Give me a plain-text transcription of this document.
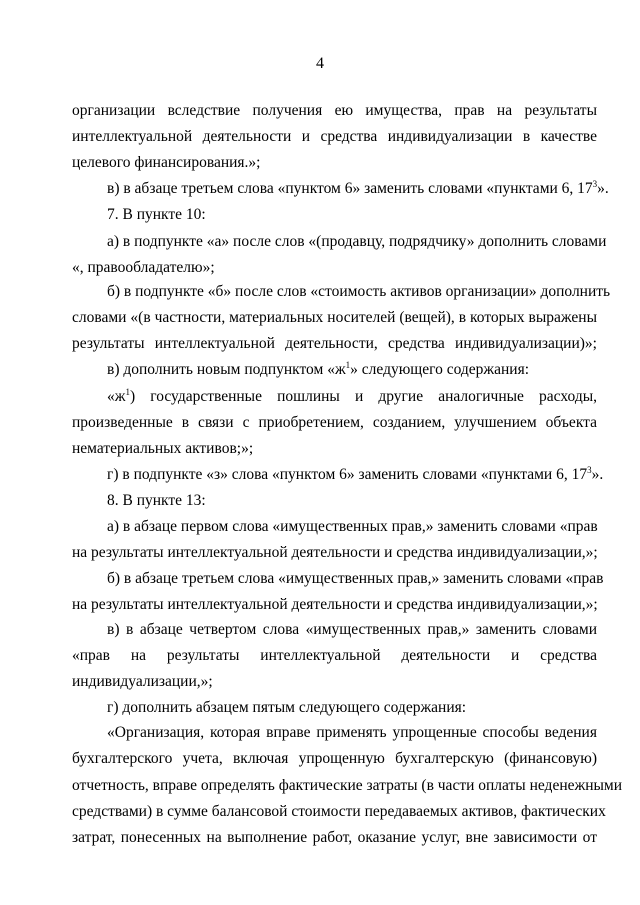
4
организации вследствие получения ею имущества, прав на результаты
интеллектуальной деятельности и средства индивидуализации в качестве
целевого финансирования.»;
в) в абзаце третьем слова «пунктом 6» заменить словами «пунктами 6, $17^3$».
7. В пункте 10:
а) в подпункте «а» после слов «(продавцу, подрядчику» дополнить словами
«, правообладателю»;
б) в подпункте «б» после слов «стоимость активов организации» дополнить
словами «(в частности, материальных носителей (вещей), в которых выражены
результаты интеллектуальной деятельности, средства индивидуализации)»;
в) дополнить новым подпунктом «$ж^1$» следующего содержания:
«$ж^1$) государственные пошлины и другие аналогичные расходы,
произведенные в связи с приобретением, созданием, улучшением объекта
нематериальных активов;»;
г) в подпункте «з» слова «пунктом 6» заменить словами «пунктами 6, $17^3$».
8. В пункте 13:
а) в абзаце первом слова «имущественных прав,» заменить словами «прав
на результаты интеллектуальной деятельности и средства индивидуализации,»;
б) в абзаце третьем слова «имущественных прав,» заменить словами «прав
на результаты интеллектуальной деятельности и средства индивидуализации,»;
в) в абзаце четвертом слова «имущественных прав,» заменить словами
«прав на результаты интеллектуальной деятельности и средства
индивидуализации,»;
г) дополнить абзацем пятым следующего содержания:
«Организация, которая вправе применять упрощенные способы ведения
бухгалтерского учета, включая упрощенную бухгалтерскую (финансовую)
отчетность, вправе определять фактические затраты (в части оплаты неденежными
средствами) в сумме балансовой стоимости передаваемых активов, фактических
затрат, понесенных на выполнение работ, оказание услуг, вне зависимости от
